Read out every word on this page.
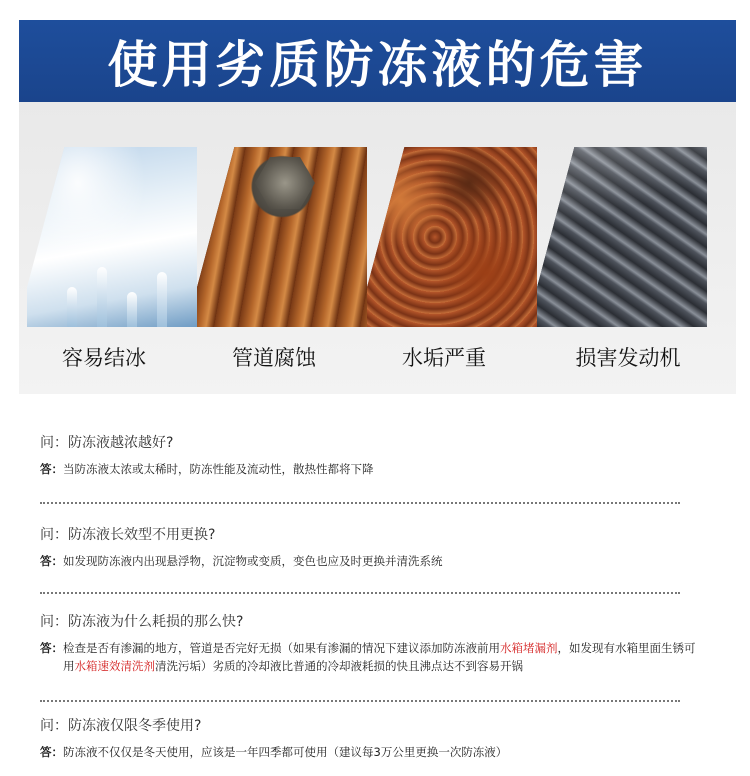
使用劣质防冻液的危害
容易结冰	管道腐蚀	水垢严重	损害发动机
问：防冻液越浓越好?
答： 当防冻液太浓或太稀时，防冻性能及流动性，散热性都将下降
问：防冻液长效型不用更换?
答： 如发现防冻液内出现悬浮物，沉淀物或变质，变色也应及时更换并清洗系统
问：防冻液为什么耗损的那么快?
答： 检查是否有渗漏的地方，管道是否完好无损（如果有渗漏的情况下建议添加防冻液前用水箱堵漏剂，如发现有水箱里面生锈可用水箱速效清洗剂清洗污垢）劣质的冷却液比普通的冷却液耗损的快且沸点达不到容易开锅
问：防冻液仅限冬季使用?
答： 防冻液不仅仅是冬天使用，应该是一年四季都可使用（建议每3万公里更换一次防冻液）
